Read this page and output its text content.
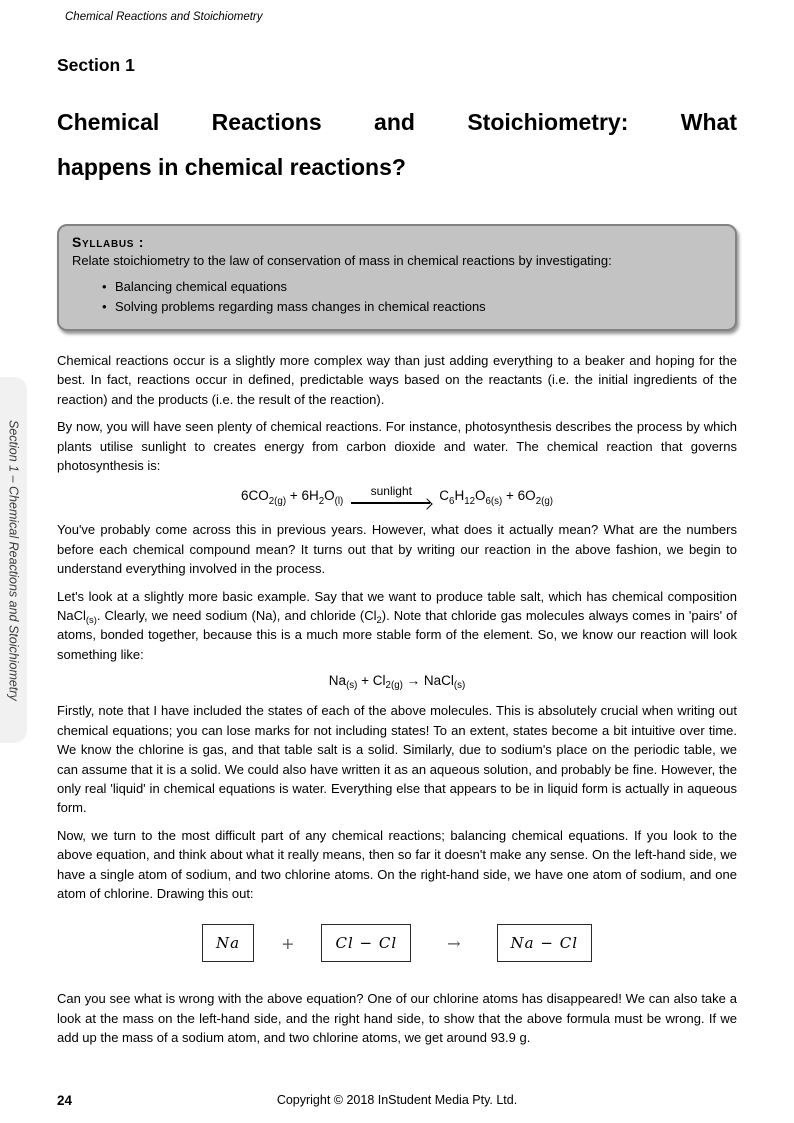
Chemical Reactions and Stoichiometry
Section 1 – Chemical Reactions and Stoichiometry
Section 1
Chemical Reactions and Stoichiometry: What
happens in chemical reactions?
Syllabus :
Relate stoichiometry to the law of conservation of mass in chemical reactions by investigating:
• Balancing chemical equations
• Solving problems regarding mass changes in chemical reactions

Chemical reactions occur is a slightly more complex way than just adding everything to a beaker and hoping for the best. In fact, reactions occur in defined, predictable ways based on the reactants (i.e. the initial ingredients of the reaction) and the products (i.e. the result of the reaction).

By now, you will have seen plenty of chemical reactions. For instance, photosynthesis describes the process by which plants utilise sunlight to creates energy from carbon dioxide and water. The chemical reaction that governs photosynthesis is:

$6CO_{2(g)} + 6H_2O_{(l)}$
sunlight $C_6H_{12}O_{6(s)} + 6O_{2(g)}$

You've probably come across this in previous years. However, what does it actually mean? What are the numbers before each chemical compound mean? It turns out that by writing our reaction in the above fashion, we begin to understand everything involved in the process.

Let's look at a slightly more basic example. Say that we want to produce table salt, which has chemical composition NaCl$_{(s)}$. Clearly, we need sodium (Na), and chloride $(Cl_2)$. Note that chloride gas molecules always comes in 'pairs' of atoms, bonded together, because this is a much more stable form of the element. So, we know our reaction will look something like:

$Na_{(s)} + Cl_{2(g)}$ → NaCl$_{(s)}$

Firstly, note that I have included the states of each of the above molecules. This is absolutely crucial when writing out chemical equations; you can lose marks for not including states! To an extent, states become a bit intuitive over time. We know the chlorine is gas, and that table salt is a solid. Similarly, due to sodium's place on the periodic table, we can assume that it is a solid. We could also have written it as an aqueous solution, and probably be fine. However, the only real 'liquid' in chemical equations is water. Everything else that appears to be in liquid form is actually in aqueous form.

Now, we turn to the most difficult part of any chemical reactions; balancing chemical equations. If you look to the above equation, and think about what it really means, then so far it doesn't make any sense. On the left-hand side, we have a single atom of sodium, and two chlorine atoms. On the right-hand side, we have one atom of sodium, and one atom of chlorine. Drawing this out:

Na	+	Cl − Cl	→	Na − Cl

Can you see what is wrong with the above equation? One of our chlorine atoms has disappeared! We can also take a look at the mass on the left-hand side, and the right hand side, to show that the above formula must be wrong. If we add up the mass of a sodium atom, and two chlorine atoms, we get around 93.9 g.

24	Copyright © 2018 InStudent Media Pty. Ltd.
